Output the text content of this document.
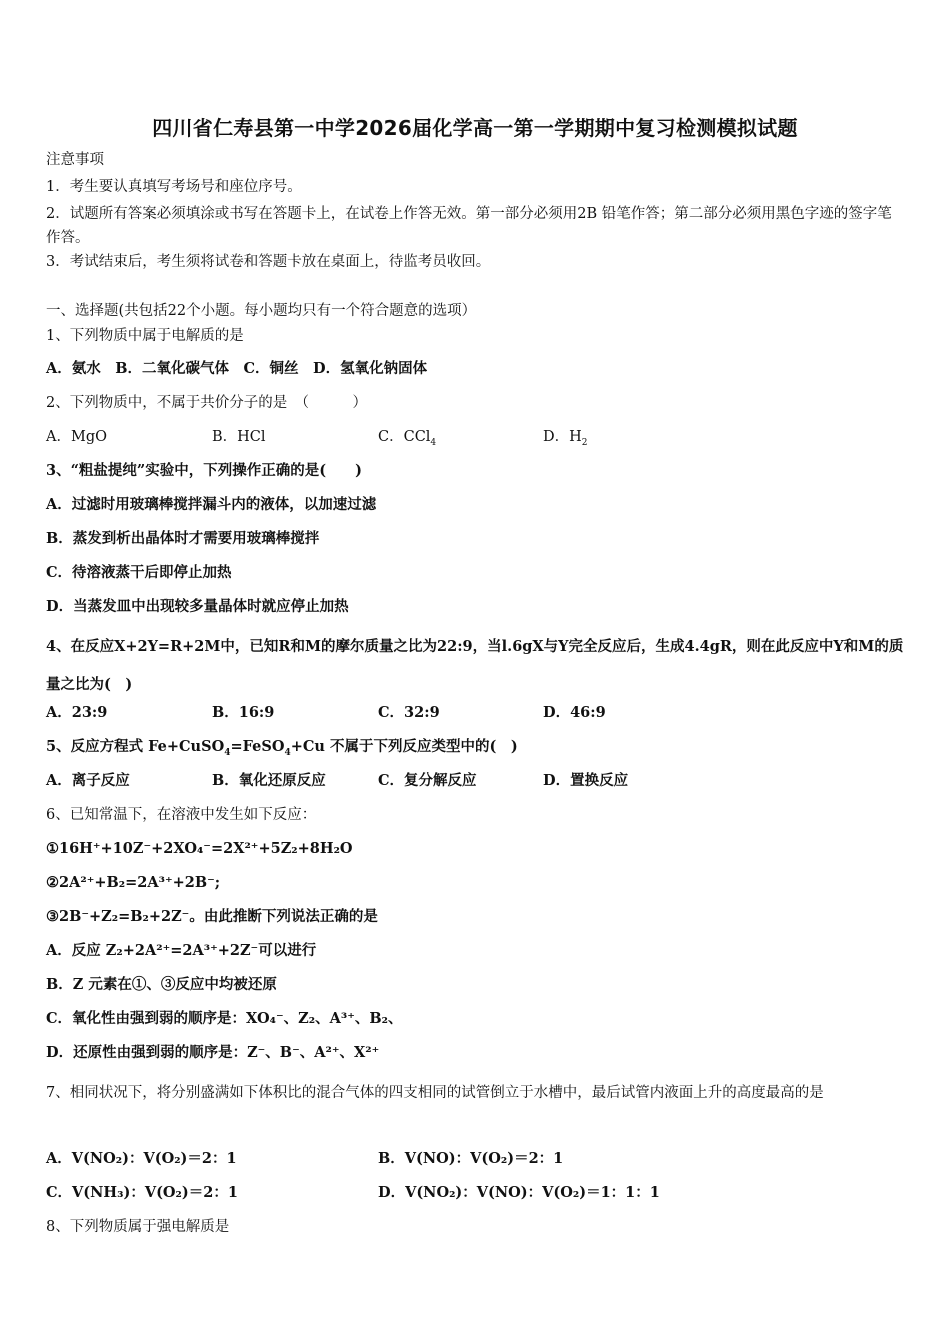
四川省仁寿县第一中学2026届化学高一第一学期期中复习检测模拟试题
注意事项
1．考生要认真填写考场号和座位序号。
2．试题所有答案必须填涂或书写在答题卡上，在试卷上作答无效。第一部分必须用2B 铅笔作答；第二部分必须用黑色字迹的签字笔作答。
3．考试结束后，考生须将试卷和答题卡放在桌面上，待监考员收回。
一、选择题(共包括22个小题。每小题均只有一个符合题意的选项）
1、下列物质中属于电解质的是
A．氨水　B．二氧化碳气体　C．铜丝　D．氢氧化钠固体
2、下列物质中，不属于共价分子的是　（　　　）
A．MgO	B．HCl	C．CCl$_4$	D．$H_2$
3、“粗盐提纯”实验中，下列操作正确的是(　　)
A．过滤时用玻璃棒搅拌漏斗内的液体，以加速过滤
B．蒸发到析出晶体时才需要用玻璃棒搅拌
C．待溶液蒸干后即停止加热
D．当蒸发皿中出现较多量晶体时就应停止加热
4、在反应X+2Y=R+2M中，已知R和M的摩尔质量之比为22:9，当l.6gX与Y完全反应后，生成4.4gR，则在此反应中Y和M的质量之比为(　)
A．23:9	B．16:9	C．32:9	D．46:9
5、反应方程式 Fe+CuSO$_4$=FeSO$_4$+Cu 不属于下列反应类型中的(　)
A．离子反应	B．氧化还原反应	C．复分解反应	D．置换反应
6、已知常温下，在溶液中发生如下反应：
①16H⁺+10Z⁻+2XO₄⁻=2X²⁺+5Z₂+8H₂O
②2A²⁺+B₂=2A³⁺+2B⁻;
③2B⁻+Z₂=B₂+2Z⁻。由此推断下列说法正确的是
A．反应 Z₂+2A²⁺=2A³⁺+2Z⁻可以进行
B．Z 元素在①、③反应中均被还原
C．氧化性由强到弱的顺序是：XO₄⁻、Z₂、A³⁺、B₂、
D．还原性由强到弱的顺序是：Z⁻、B⁻、A²⁺、X²⁺
7、相同状况下，将分别盛满如下体积比的混合气体的四支相同的试管倒立于水槽中，最后试管内液面上升的高度最高的是
A．V(NO₂)：V(O₂)＝2：1	B．V(NO)：V(O₂)＝2：1
C．V(NH₃)：V(O₂)＝2：1	D．V(NO₂)：V(NO)：V(O₂)＝1：1：1
8、下列物质属于强电解质是
